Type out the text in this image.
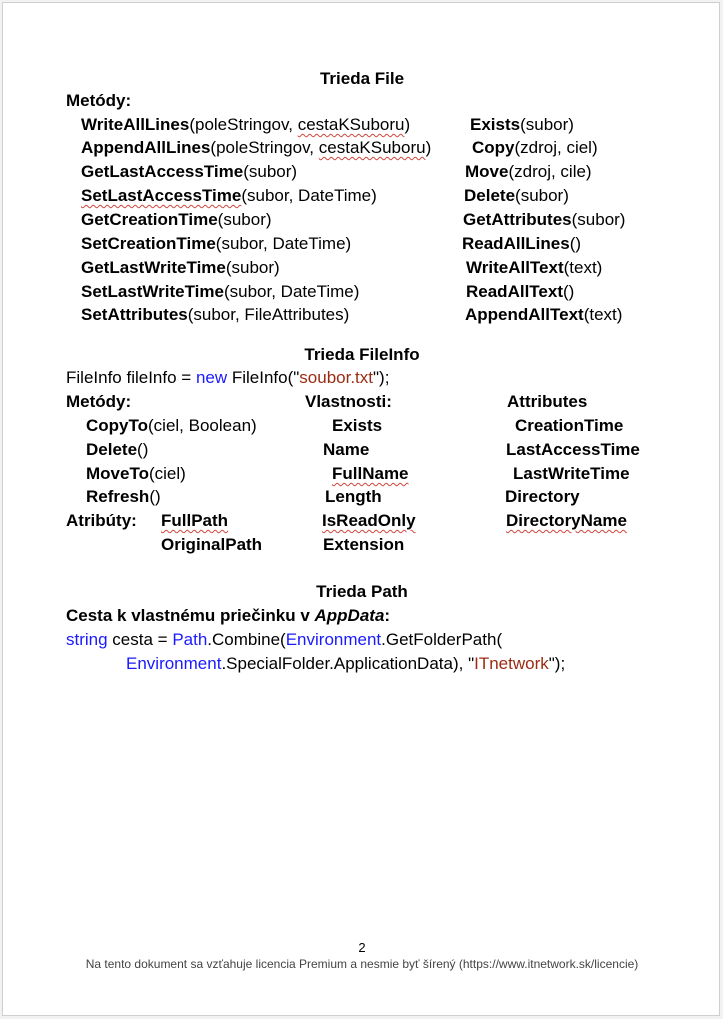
Trieda File
Metódy:
WriteAllLines(poleStringov, cestaKSuboru)
AppendAllLines(poleStringov, cestaKSuboru)
GetLastAccessTime(subor)
SetLastAccessTime(subor, DateTime)
GetCreationTime(subor)
SetCreationTime(subor, DateTime)
GetLastWriteTime(subor)
SetLastWriteTime(subor, DateTime)
SetAttributes(subor, FileAttributes)
Exists(subor)
Copy(zdroj, ciel)
Move(zdroj, cile)
Delete(subor)
GetAttributes(subor)
ReadAllLines()
WriteAllText(text)
ReadAllText()
AppendAllText(text)
Trieda FileInfo
FileInfo fileInfo = new FileInfo("soubor.txt");
Metódy:	Vlastnosti:	Attributes
CopyTo(ciel, Boolean)
Delete()
MoveTo(ciel)
Refresh()
Atribúty: FullPath
OriginalPath
Exists
Name
FullName
Length
IsReadOnly
Extension
CreationTime
LastAccessTime
LastWriteTime
Directory
DirectoryName
Trieda Path
Cesta k vlastnému priečinku v AppData:
string cesta = Path.Combine(Environment.GetFolderPath(
Environment.SpecialFolder.ApplicationData), "ITnetwork");
2
Na tento dokument sa vzťahuje licencia Premium a nesmie byť šírený (https://www.itnetwork.sk/licencie)
